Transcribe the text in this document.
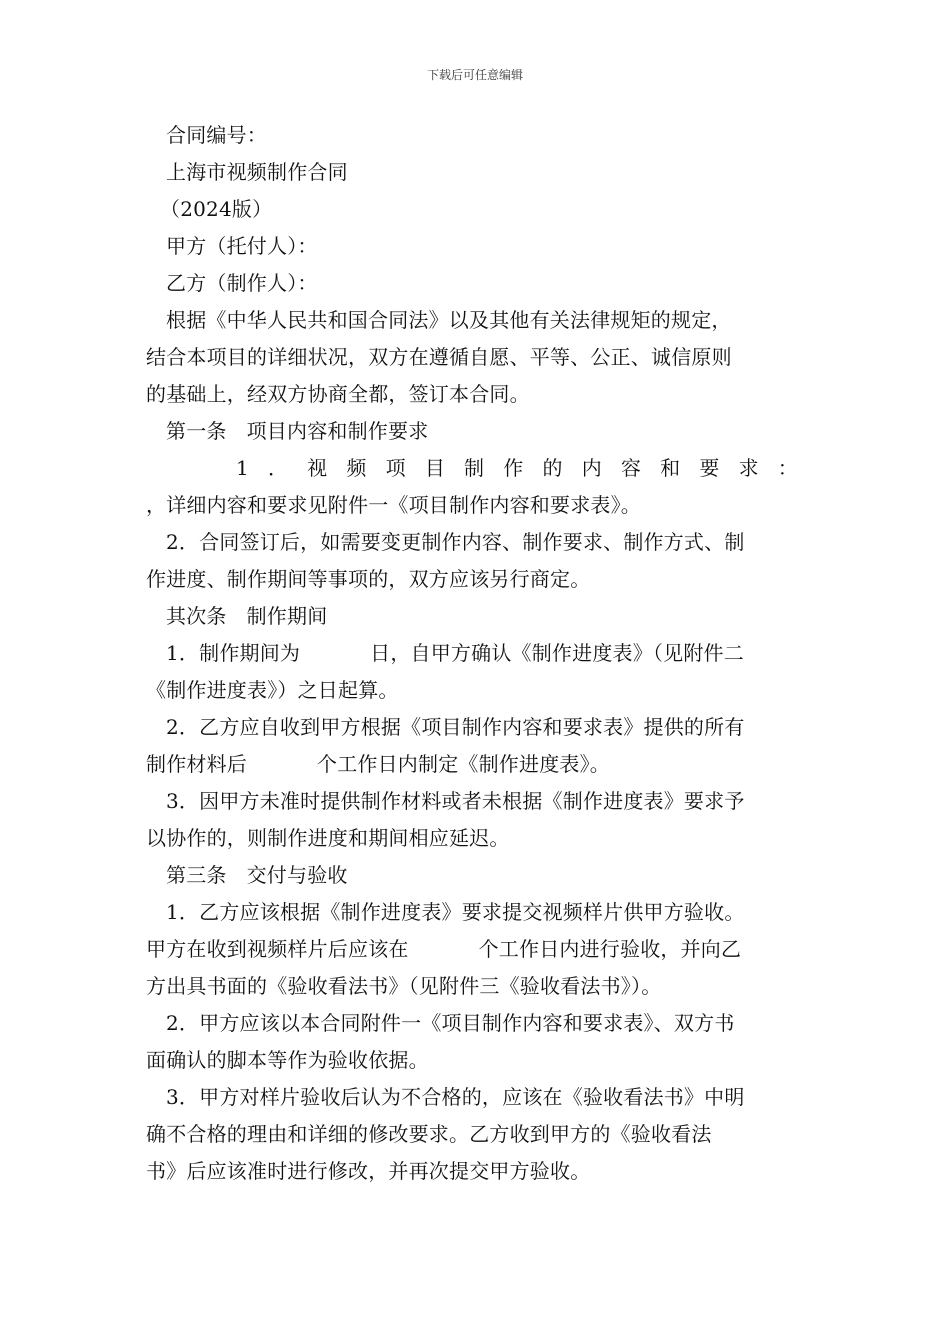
下载后可任意编辑
合同编号：
上海市视频制作合同
（2024版）
甲方（托付人）：
乙方（制作人）：
根据《中华人民共和国合同法》以及其他有关法律规矩的规定，
结合本项目的详细状况，双方在遵循自愿、平等、公正、诚信原则
的基础上，经双方协商全都，签订本合同。
第一条 项目内容和制作要求
1 ． 视 频 项 目 制 作 的 内 容 和 要 求 ：
，详细内容和要求见附件一《项目制作内容和要求表》。
2．合同签订后，如需要变更制作内容、制作要求、制作方式、制
作进度、制作期间等事项的，双方应该另行商定。
其次条 制作期间
1．制作期间为	日，自甲方确认《制作进度表》（见附件二
《制作进度表》）之日起算。
2．乙方应自收到甲方根据《项目制作内容和要求表》提供的所有
制作材料后	个工作日内制定《制作进度表》。
3．因甲方未准时提供制作材料或者未根据《制作进度表》要求予
以协作的，则制作进度和期间相应延迟。
第三条 交付与验收
1．乙方应该根据《制作进度表》要求提交视频样片供甲方验收。
甲方在收到视频样片后应该在	个工作日内进行验收，并向乙
方出具书面的《验收看法书》（见附件三《验收看法书》）。
2．甲方应该以本合同附件一《项目制作内容和要求表》、双方书
面确认的脚本等作为验收依据。
3．甲方对样片验收后认为不合格的，应该在《验收看法书》中明
确不合格的理由和详细的修改要求。乙方收到甲方的《验收看法
书》后应该准时进行修改，并再次提交甲方验收。
